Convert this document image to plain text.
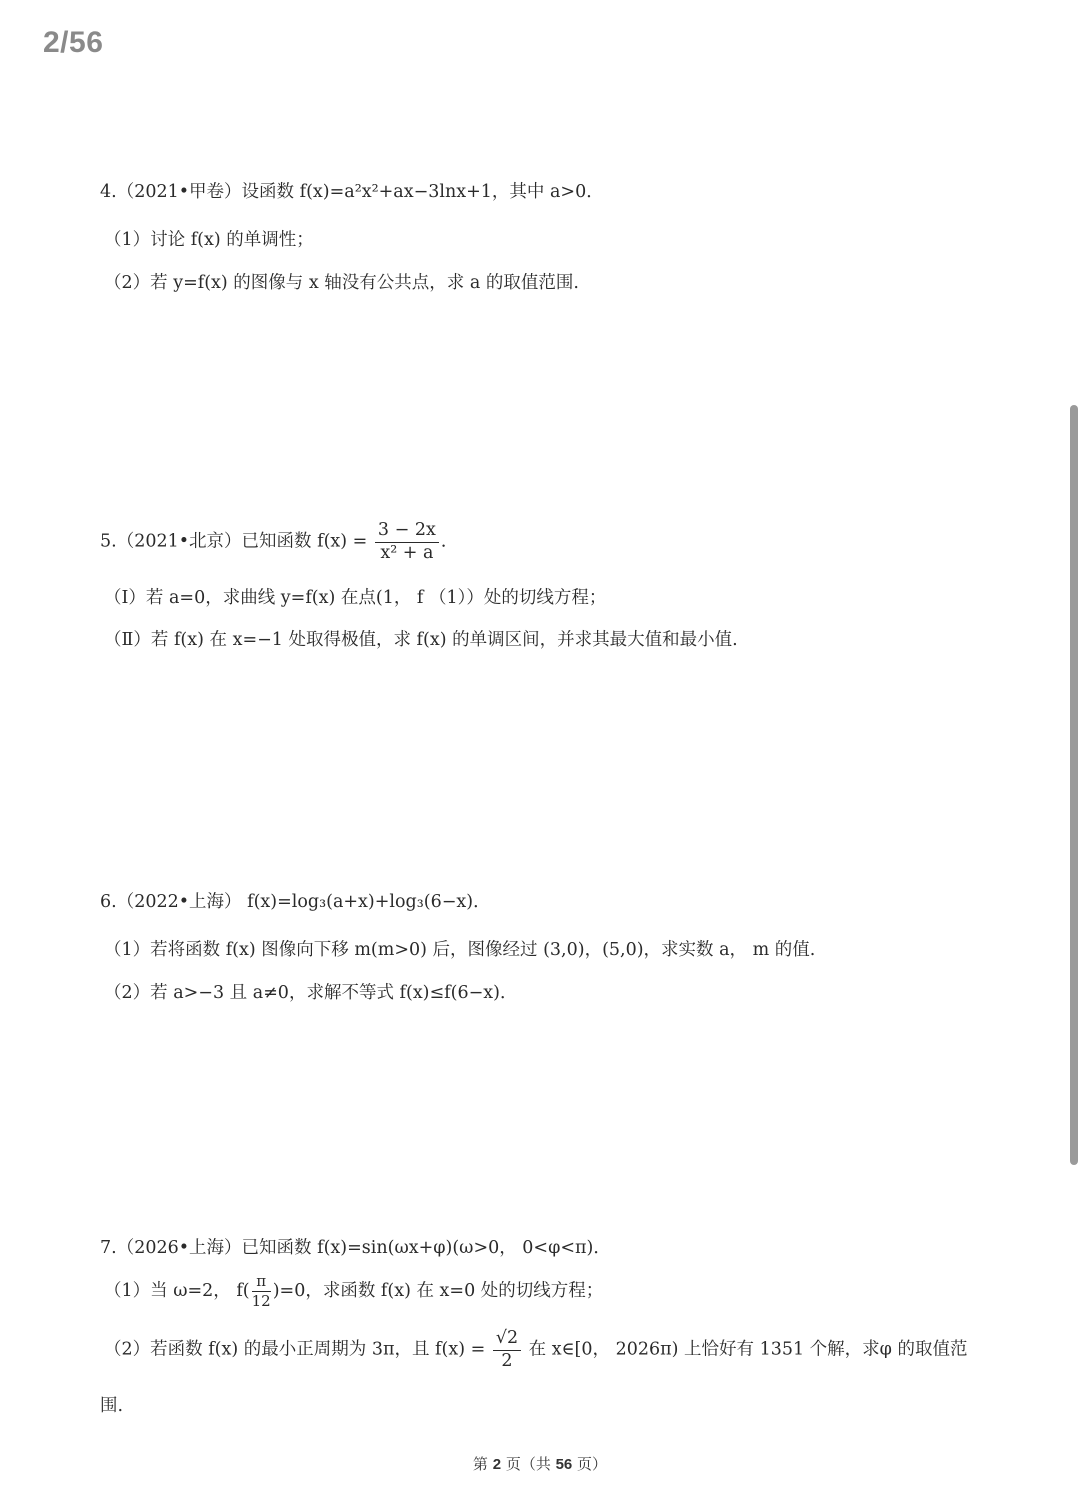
2/56
4.（2021•甲卷）设函数 f(x)=a²x²+ax−3lnx+1，其中 a>0．
（1）讨论 f(x) 的单调性；
（2）若 y=f(x) 的图像与 x 轴没有公共点，求 a 的取值范围.
5.（2021•北京）已知函数 $f(x) = \frac{3 - 2x}{\text{x² + a}}$ ．
（Ⅰ）若 a=0，求曲线 y=f(x) 在点(1， f （1））处的切线方程；
（Ⅱ）若 f(x) 在 x=−1 处取得极值，求 f(x) 的单调区间，并求其最大值和最小值.
6.（2022•上海） f(x)=log₃(a+x)+log₃(6−x)．
（1）若将函数 f(x) 图像向下移 m(m>0) 后，图像经过 (3,0)，(5,0)，求实数 a， m 的值.
（2）若 a>−3 且 a≠0，求解不等式 f(x)≤f(6−x)．
7.（2026•上海）已知函数 f(x)=sin(ωx+φ)(ω>0， 0<φ<π)．
（1）当 ω=2， $f( \frac{\pi}{12} )=0$，求函数 f(x) 在 x=0 处的切线方程；
（2）若函数 f(x) 的最小正周期为 3π，且 $f(x) = \frac{√2}{2}$ 在 x∈[0， 2026π) 上恰好有 1351 个解，求φ 的取值范
围.
第 2 页（共 56 页）
